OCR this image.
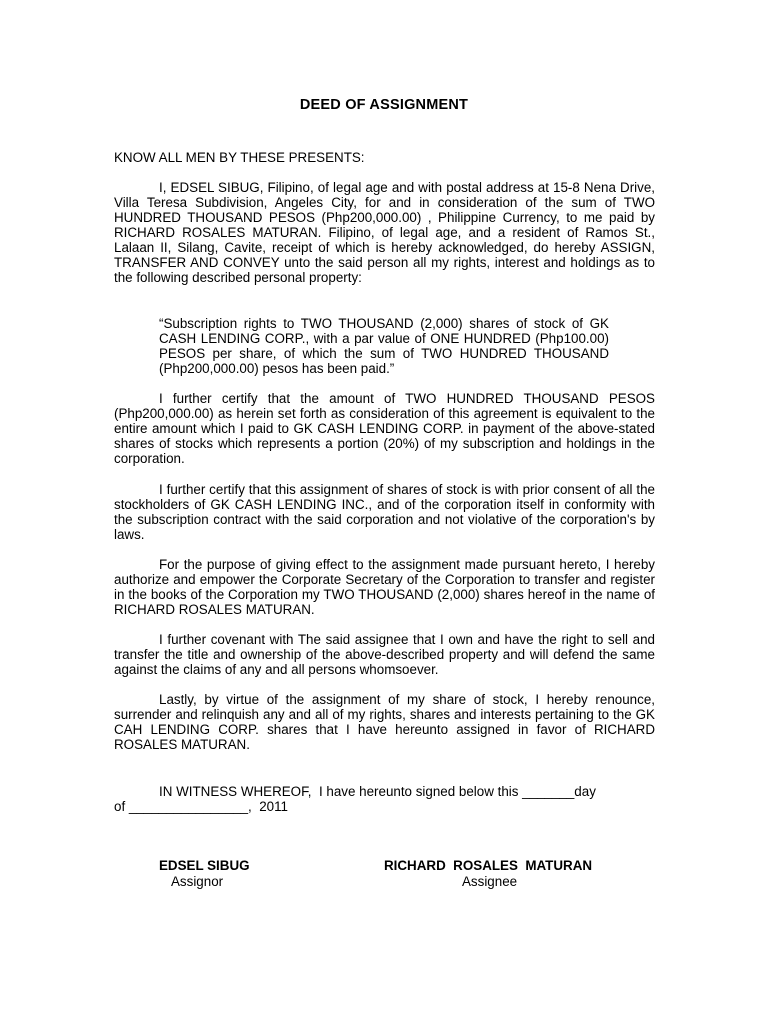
DEED OF ASSIGNMENT
KNOW ALL MEN BY THESE PRESENTS:

I, EDSEL SIBUG, Filipino, of legal age and with postal address at 15-8 Nena Drive, Villa Teresa Subdivision, Angeles City, for and in consideration of the sum of TWO HUNDRED THOUSAND PESOS (Php200,000.00) , Philippine Currency, to me paid by RICHARD ROSALES MATURAN. Filipino, of legal age, and a resident of Ramos St., Lalaan II, Silang, Cavite, receipt of which is hereby acknowledged, do hereby ASSIGN, TRANSFER AND CONVEY unto the said person all my rights, interest and holdings as to the following described personal property:

“Subscription rights to TWO THOUSAND (2,000) shares of stock of GK CASH LENDING CORP., with a par value of ONE HUNDRED (Php100.00) PESOS per share, of which the sum of TWO HUNDRED THOUSAND (Php200,000.00) pesos has been paid.”

I further certify that the amount of TWO HUNDRED THOUSAND PESOS (Php200,000.00) as herein set forth as consideration of this agreement is equivalent to the entire amount which I paid to GK CASH LENDING CORP. in payment of the above-stated shares of stocks which represents a portion (20%) of my subscription and holdings in the corporation.

I further certify that this assignment of shares of stock is with prior consent of all the stockholders of GK CASH LENDING INC., and of the corporation itself in conformity with the subscription contract with the said corporation and not violative of the corporation's by laws.

For the purpose of giving effect to the assignment made pursuant hereto, I hereby authorize and empower the Corporate Secretary of the Corporation to transfer and register in the books of the Corporation my TWO THOUSAND (2,000) shares hereof in the name of RICHARD ROSALES MATURAN.

I further covenant with The said assignee that I own and have the right to sell and transfer the title and ownership of the above-described property and will defend the same against the claims of any and all persons whomsoever.

Lastly, by virtue of the assignment of my share of stock, I hereby renounce, surrender and relinquish any and all of my rights, shares and interests pertaining to the GK CAH LENDING CORP. shares that I have hereunto assigned in favor of RICHARD ROSALES MATURAN.

IN WITNESS WHEREOF,  I have hereunto signed below this _______day
of ________________,  2011
EDSEL SIBUG
Assignor
RICHARD  ROSALES  MATURAN
Assignee
